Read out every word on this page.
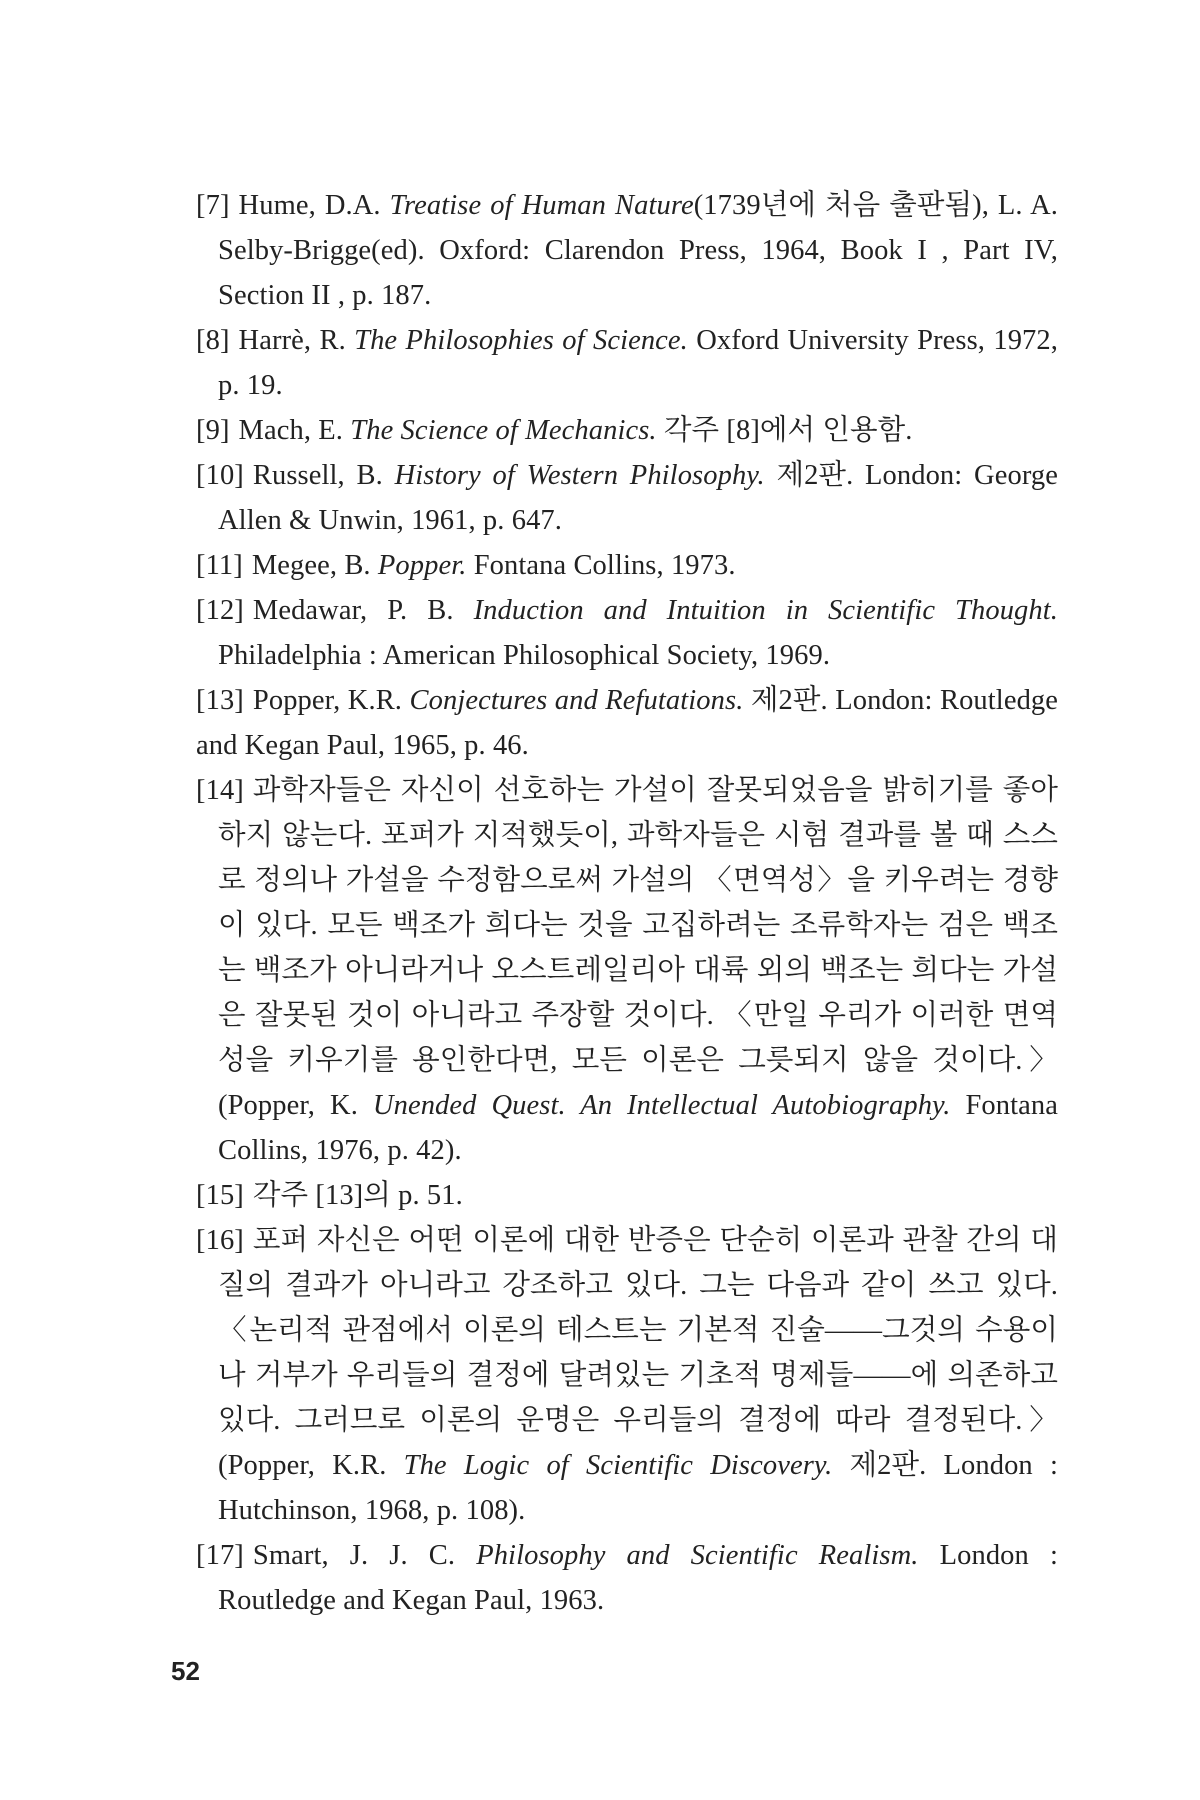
[7] Hume, D.A. Treatise of Human Nature(1739년에 처음 출판됨), L. A. Selby-Brigge(ed). Oxford: Clarendon Press, 1964, Book I , Part IV, Section II , p. 187.

[8] Harrè, R. The Philosophies of Science. Oxford University Press, 1972, p. 19.

[9] Mach, E. The Science of Mechanics. 각주 [8]에서 인용함.

[10] Russell, B. History of Western Philosophy. 제2판. London: George Allen & Unwin, 1961, p. 647.

[11] Megee, B. Popper. Fontana Collins, 1973.

[12] Medawar, P. B. Induction and Intuition in Scientific Thought. Philadelphia : American Philosophical Society, 1969.

[13] Popper, K.R. Conjectures and Refutations. 제2판. London: Routledge and Kegan Paul, 1965, p. 46.

[14] 과학자들은 자신이 선호하는 가설이 잘못되었음을 밝히기를 좋아하지 않는다. 포퍼가 지적했듯이, 과학자들은 시험 결과를 볼 때 스스로 정의나 가설을 수정함으로써 가설의 〈면역성〉을 키우려는 경향이 있다. 모든 백조가 희다는 것을 고집하려는 조류학자는 검은 백조는 백조가 아니라거나 오스트레일리아 대륙 외의 백조는 희다는 가설은 잘못된 것이 아니라고 주장할 것이다. 〈만일 우리가 이러한 면역성을 키우기를 용인한다면, 모든 이론은 그릇되지 않을 것이다.〉(Popper, K. Unended Quest. An Intellectual Autobiography. Fontana Collins, 1976, p. 42).

[15] 각주 [13]의 p. 51.

[16] 포퍼 자신은 어떤 이론에 대한 반증은 단순히 이론과 관찰 간의 대질의 결과가 아니라고 강조하고 있다. 그는 다음과 같이 쓰고 있다. 〈논리적 관점에서 이론의 테스트는 기본적 진술——그것의 수용이나 거부가 우리들의 결정에 달려있는 기초적 명제들——에 의존하고 있다. 그러므로 이론의 운명은 우리들의 결정에 따라 결정된다.〉(Popper, K.R. The Logic of Scientific Discovery. 제2판. London : Hutchinson, 1968, p. 108).

[17] Smart, J. J. C. Philosophy and Scientific Realism. London : Routledge and Kegan Paul, 1963.

52
